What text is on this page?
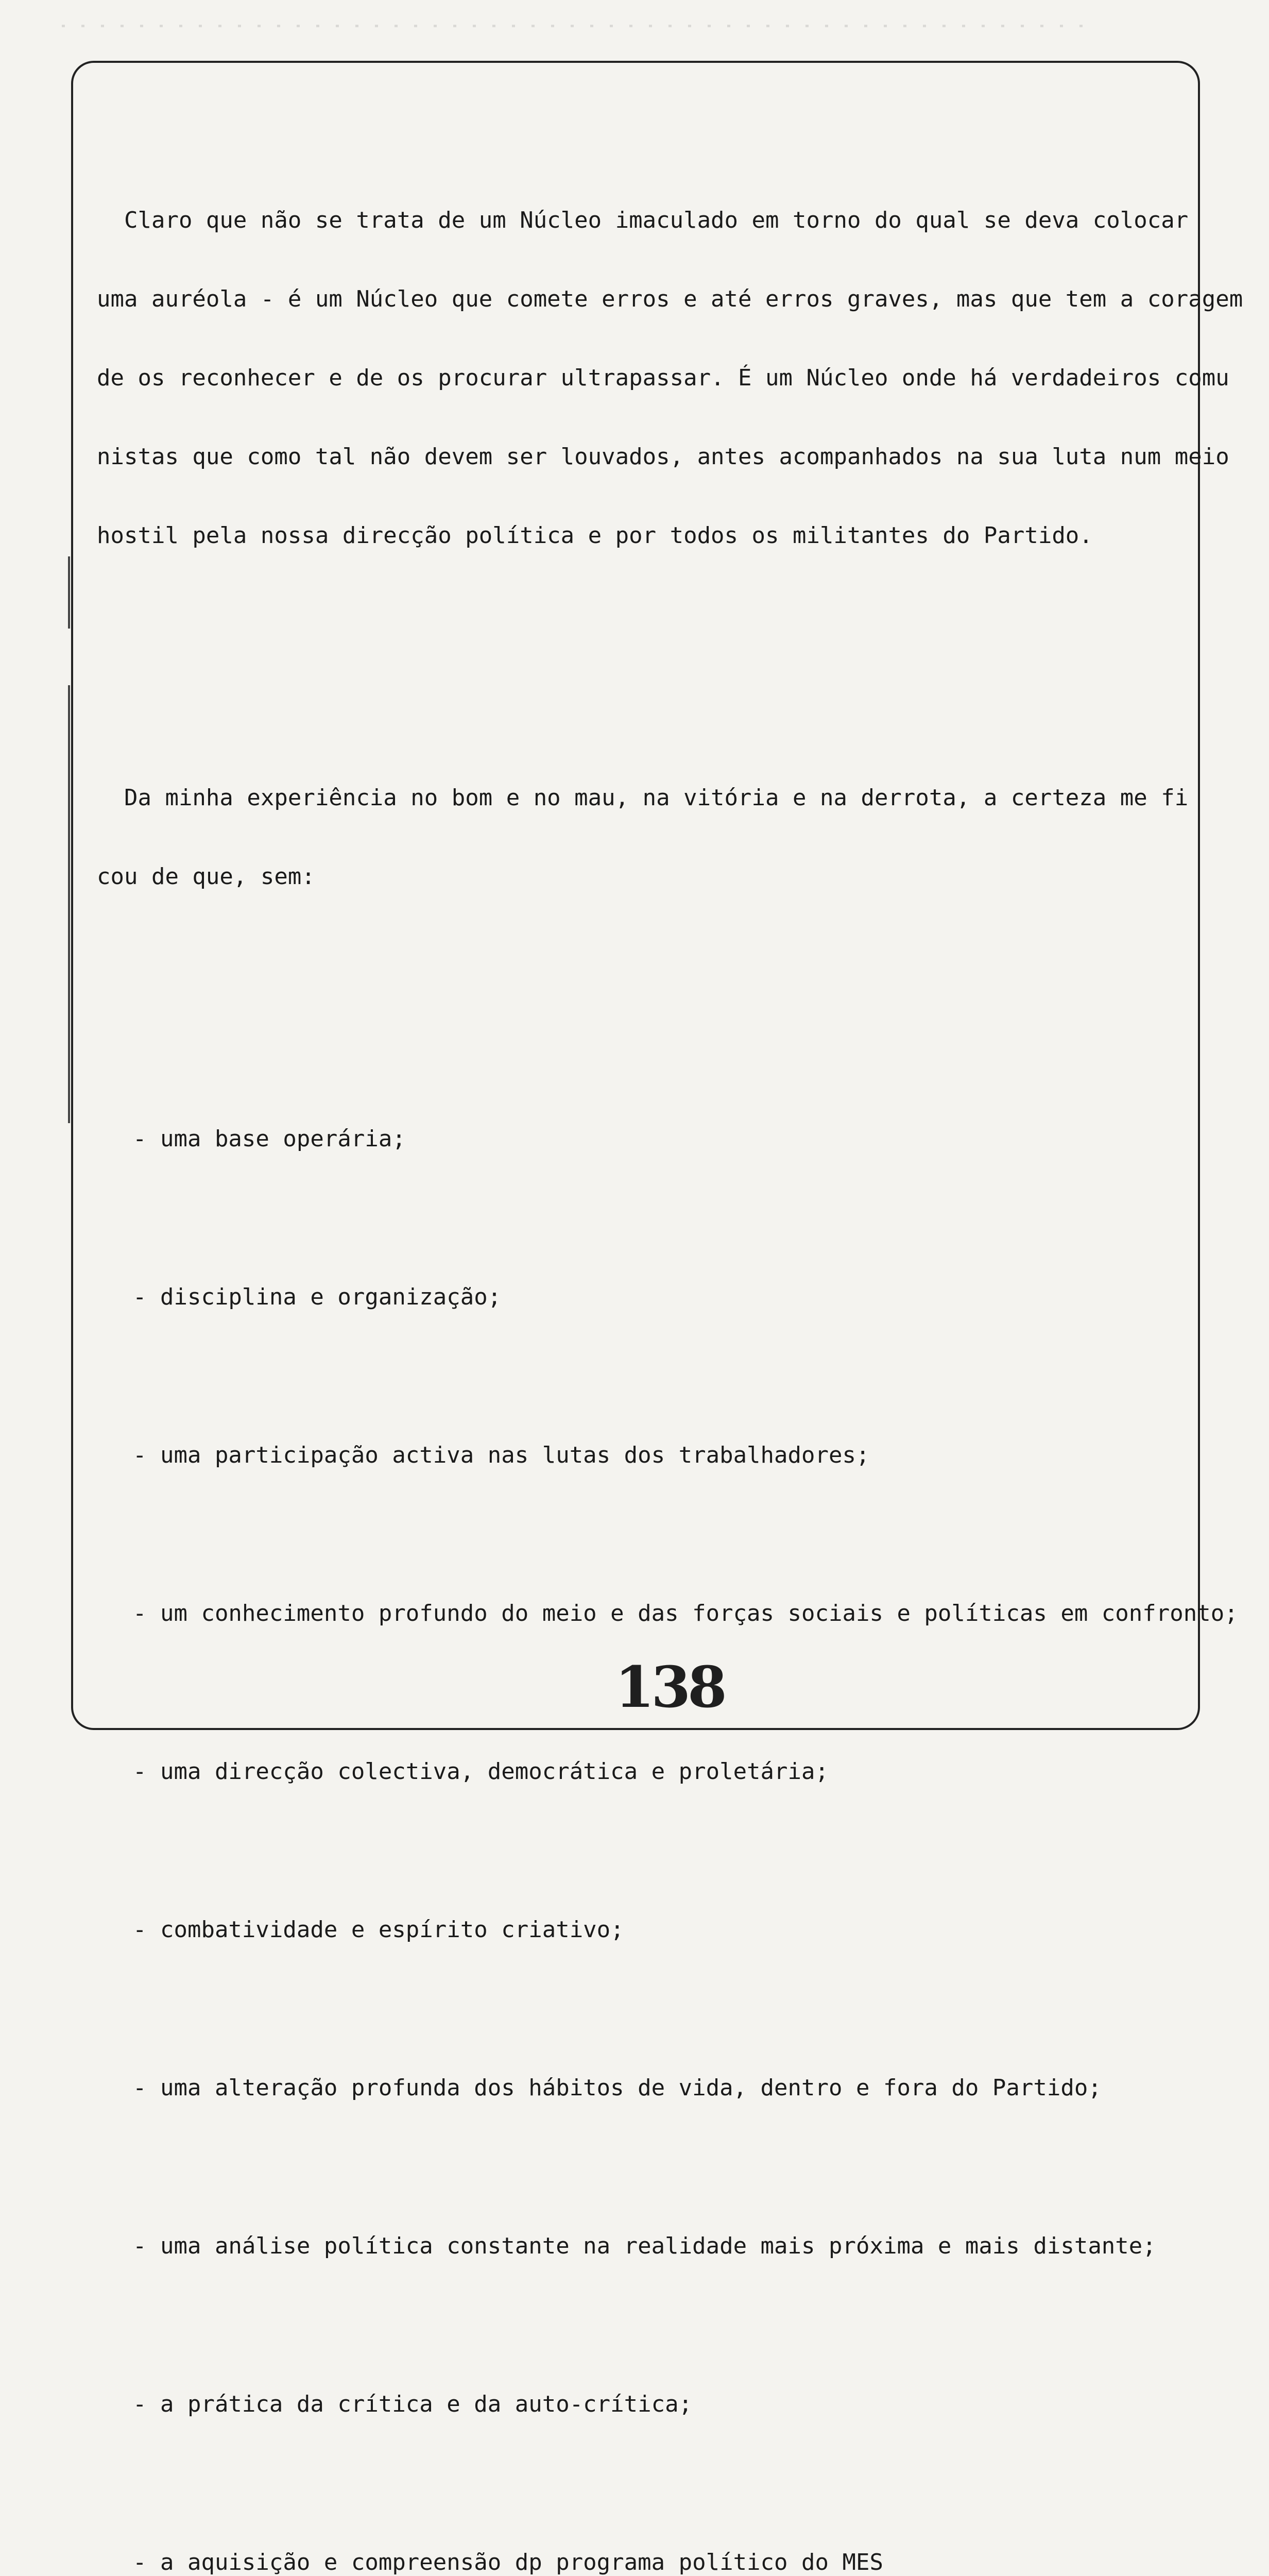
Claro que não se trata de um Núcleo imaculado em torno do qual se deva colocar

uma auréola - é um Núcleo que comete erros e até erros graves, mas que tem a coragem

de os reconhecer e de os procurar ultrapassar. É um Núcleo onde há verdadeiros comu

nistas que como tal não devem ser louvados, antes acompanhados na sua luta num meio

hostil pela nossa direcção política e por todos os militantes do Partido.

Da minha experiência no bom e no mau, na vitória e na derrota, a certeza me fi

cou de que, sem:

- uma base operária;

- disciplina e organização;

- uma participação activa nas lutas dos trabalhadores;

- um conhecimento profundo do meio e das forças sociais e políticas em confronto;

- uma direcção colectiva, democrática e proletária;

- combatividade e espírito criativo;

- uma alteração profunda dos hábitos de vida, dentro e fora do Partido;

- uma análise política constante na realidade mais próxima e mais distante;

- a prática da crítica e da auto-crítica;

- a aquisição e compreensão dp programa político do MES

138
